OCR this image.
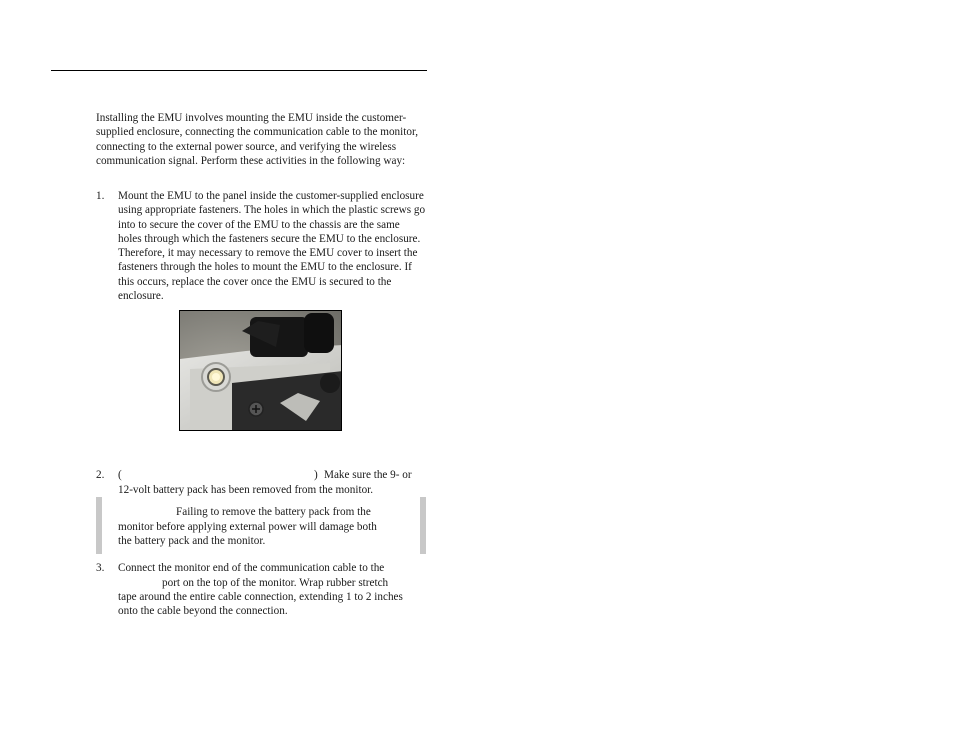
Installing the EMU involves mounting the EMU inside the customer-supplied enclosure, connecting the communication cable to the monitor, connecting to the external power source, and verifying the wireless communication signal. Perform these activities in the following way:

1. Mount the EMU to the panel inside the customer-supplied enclosure using appropriate fasteners. The holes in which the plastic screws go into to secure the cover of the EMU to the chassis are the same holes through which the fasteners secure the EMU to the enclosure. Therefore, it may necessary to remove the EMU cover to insert the fasteners through the holes to mount the EMU to the enclosure. If this occurs, replace the cover once the EMU is secured to the enclosure.

2. (	) Make sure the 9- or
12-volt battery pack has been removed from the monitor.

Failing to remove the battery pack from the
monitor before applying external power will damage both
the battery pack and the monitor.

3. Connect the monitor end of the communication cable to the
port on the top of the monitor. Wrap rubber stretch
tape around the entire cable connection, extending 1 to 2 inches
onto the cable beyond the connection.
